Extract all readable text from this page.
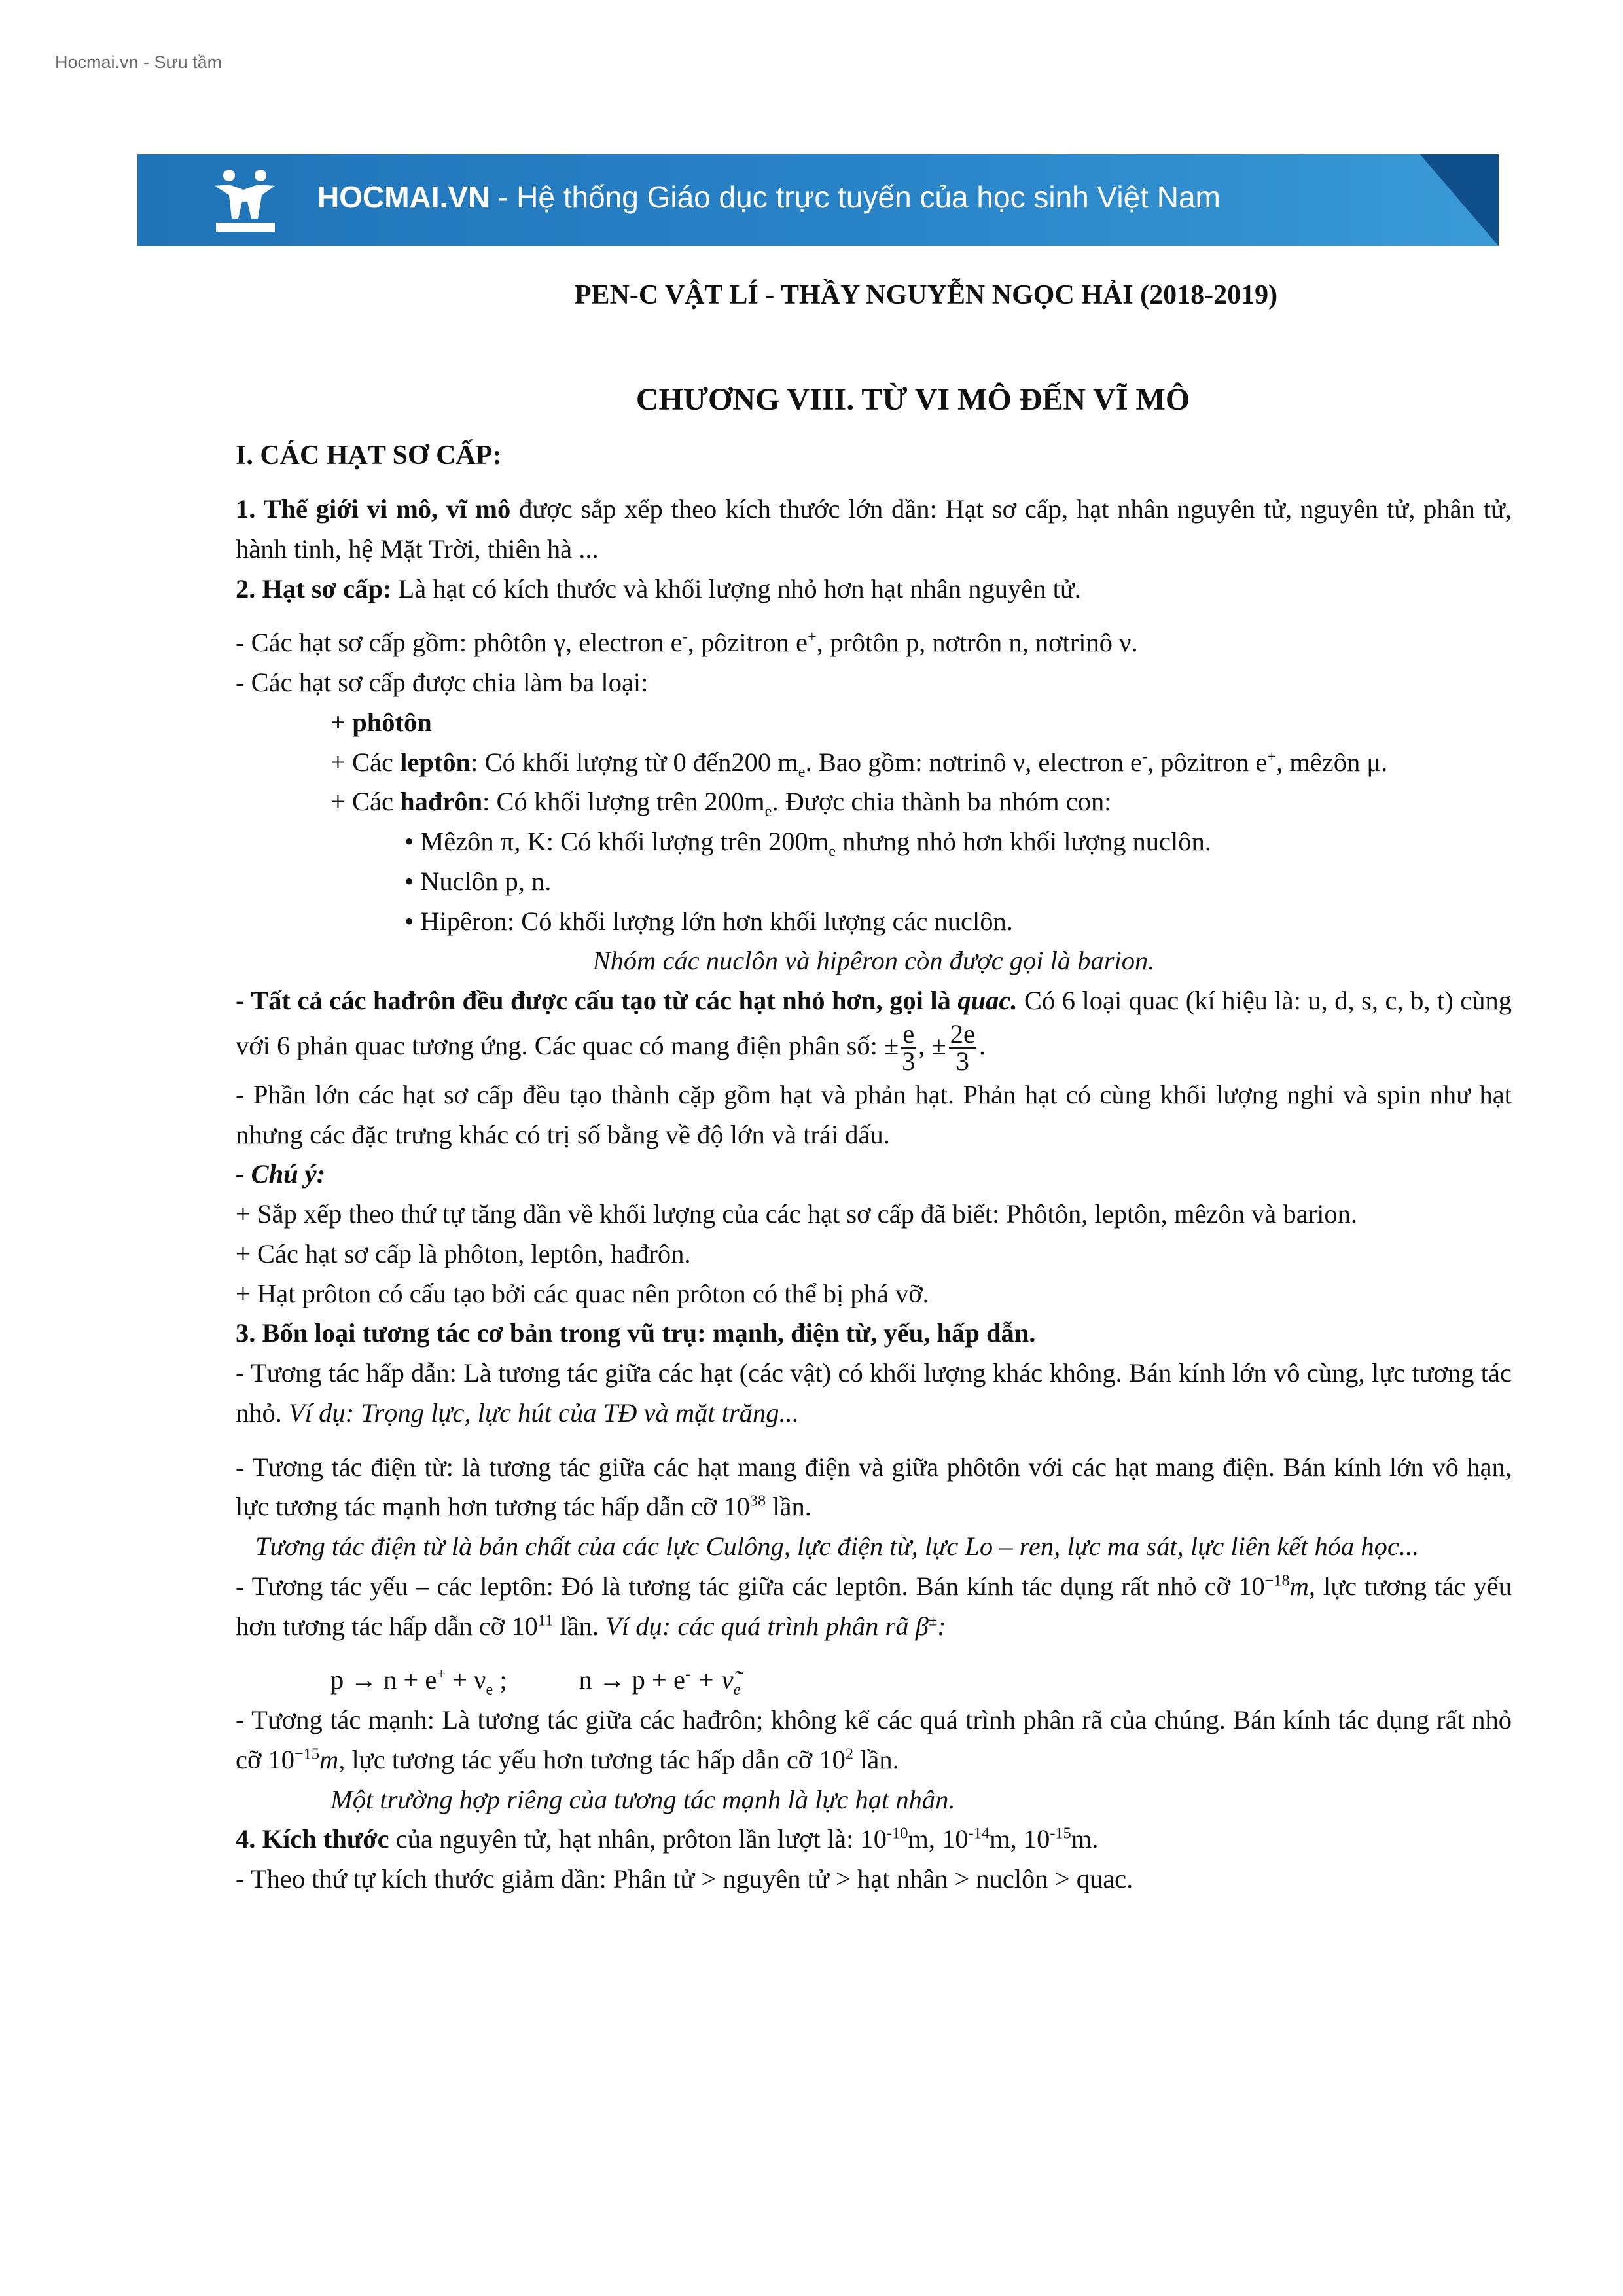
Hocmai.vn - Sưu tầm
HOCMAI.VN - Hệ thống Giáo dục trực tuyến của học sinh Việt Nam

PEN-C VẬT LÍ - THẦY NGUYỄN NGỌC HẢI (2018-2019)

CHƯƠNG VIII. TỪ VI MÔ ĐẾN VĨ MÔ

I. CÁC HẠT SƠ CẤP:

1. Thế giới vi mô, vĩ mô được sắp xếp theo kích thước lớn dần: Hạt sơ cấp, hạt nhân nguyên tử, nguyên tử, phân tử, hành tinh, hệ Mặt Trời, thiên hà ...

2. Hạt sơ cấp: Là hạt có kích thước và khối lượng nhỏ hơn hạt nhân nguyên tử.

- Các hạt sơ cấp gồm: phôtôn γ, electron e-, pôzitron e+, prôtôn p, nơtrôn n, nơtrinô ν.

- Các hạt sơ cấp được chia làm ba loại:

+ phôtôn

+ Các leptôn: Có khối lượng từ 0 đến200 $m_e$. Bao gồm: nơtrinô ν, electron e-, pôzitron e+, mêzôn μ.

+ Các hađrôn: Có khối lượng trên $200m_e$. Được chia thành ba nhóm con:

• Mêzôn π, K: Có khối lượng trên $200m_e$ nhưng nhỏ hơn khối lượng nuclôn.

• Nuclôn p, n.

• Hipêron: Có khối lượng lớn hơn khối lượng các nuclôn.

Nhóm các nuclôn và hipêron còn được gọi là barion.

- Tất cả các hađrôn đều được cấu tạo từ các hạt nhỏ hơn, gọi là quac. Có 6 loại quac (kí hiệu là: u, d, s, c, b, t) cùng với 6 phản quac tương ứng. Các quac có mang điện phân số: ± $\frac{e}{3}$ , ± $\frac{2e}{3}$ .

- Phần lớn các hạt sơ cấp đều tạo thành cặp gồm hạt và phản hạt. Phản hạt có cùng khối lượng nghỉ và spin như hạt nhưng các đặc trưng khác có trị số bằng về độ lớn và trái dấu.

- Chú ý:

+ Sắp xếp theo thứ tự tăng dần về khối lượng của các hạt sơ cấp đã biết: Phôtôn, leptôn, mêzôn và barion.

+ Các hạt sơ cấp là phôton, leptôn, hađrôn.

+ Hạt prôton có cấu tạo bởi các quac nên prôton có thể bị phá vỡ.

3. Bốn loại tương tác cơ bản trong vũ trụ: mạnh, điện từ, yếu, hấp dẫn.

- Tương tác hấp dẫn: Là tương tác giữa các hạt (các vật) có khối lượng khác không. Bán kính lớn vô cùng, lực tương tác nhỏ. Ví dụ: Trọng lực, lực hút của TĐ và mặt trăng...

- Tương tác điện từ: là tương tác giữa các hạt mang điện và giữa phôtôn với các hạt mang điện. Bán kính lớn vô hạn, lực tương tác mạnh hơn tương tác hấp dẫn cỡ $10^{38}$ lần.

Tương tác điện từ là bản chất của các lực Culông, lực điện từ, lực Lo – ren, lực ma sát, lực liên kết hóa học...

- Tương tác yếu – các leptôn: Đó là tương tác giữa các leptôn. Bán kính tác dụng rất nhỏ cỡ $10^{-18}m$, lực tương tác yếu hơn tương tác hấp dẫn cỡ $10^{11}$ lần. Ví dụ: các quá trình phân rã β±:

$p \to n + e^+ + \nu_e$ ;	$n \to p + e^- + \nũ_e$

- Tương tác mạnh: Là tương tác giữa các hađrôn; không kể các quá trình phân rã của chúng. Bán kính tác dụng rất nhỏ cỡ $10^{-15}m$, lực tương tác yếu hơn tương tác hấp dẫn cỡ $10^2$ lần.

Một trường hợp riêng của tương tác mạnh là lực hạt nhân.

4. Kích thước của nguyên tử, hạt nhân, prôton lần lượt là: $10^{-10}m$, $10^{-14}m$, $10^{-15}m$.

- Theo thứ tự kích thước giảm dần: Phân tử > nguyên tử > hạt nhân > nuclôn > quac.
